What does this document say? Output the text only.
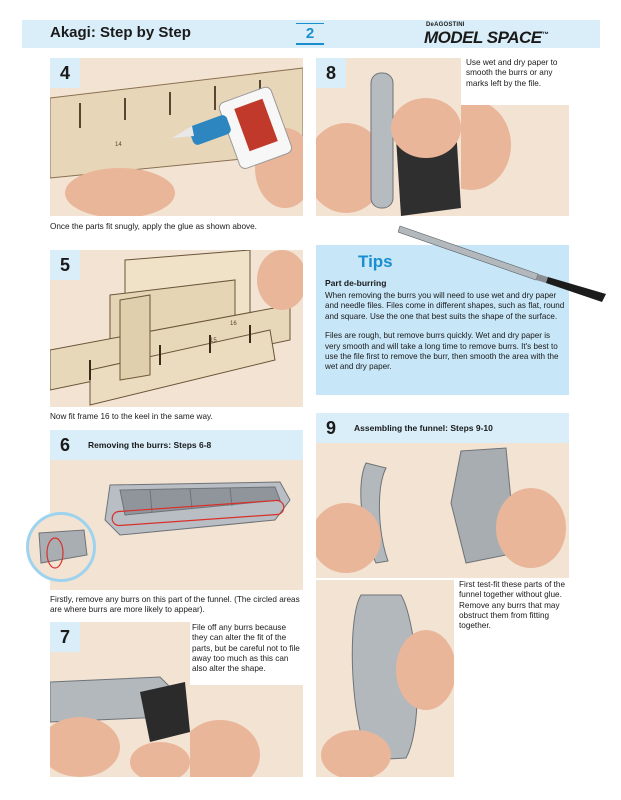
Akagi: Step by Step	2	DeAGOSTINI
MODEL SPACE™
14
4
Once the parts fit snugly, apply the glue as shown above.
15
16
5
Now fit frame 16 to the keel in the same way.
6	Removing the burrs: Steps 6-8
Firstly, remove any burrs on this part of the funnel. (The circled areas are where burrs are more likely to appear).
7	File off any burrs because they can alter the fit of the parts, but be careful not to file away too much as this can also alter the shape.
8	Use wet and dry paper to smooth the burrs or any marks left by the file.
Tips
Part de-burring

When removing the burrs you will need to use wet and dry paper and needle files. Files come in different shapes, such as flat, round and square. Use the one that best suits the shape of the surface.

Files are rough, but remove burrs quickly. Wet and dry paper is very smooth and will take a long time to remove burrs. It's best to use the file first to remove the burr, then smooth the area with the wet and dry paper.

9	Assembling the funnel: Steps 9-10
First test-fit these parts of the funnel together without glue. Remove any burrs that may obstruct them from fitting together.
